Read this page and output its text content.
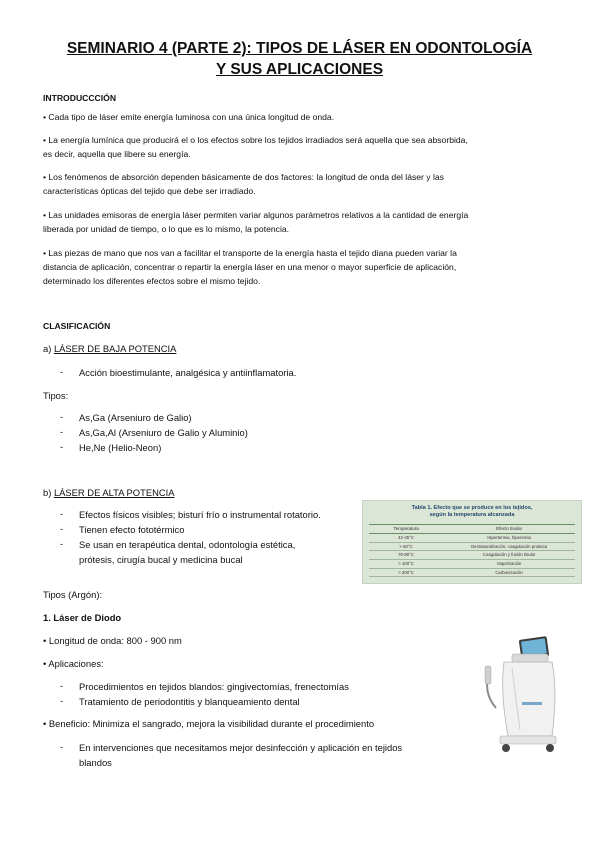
SEMINARIO 4 (PARTE 2): TIPOS DE LÁSER EN ODONTOLOGÍA
Y SUS APLICACIONES
INTRODUCCCIÓN
• Cada tipo de láser emite energía luminosa con una única longitud de onda.
• La energía lumínica que producirá el o los efectos sobre los tejidos irradiados será aquella que sea absorbida,
es decir, aquella que libere su energía.
• Los fenómenos de absorción dependen básicamente de dos factores: la longitud de onda del láser y las
características ópticas del tejido que debe ser irradiado.
• Las unidades emisoras de energía láser permiten variar algunos parámetros relativos a la cantidad de energía
liberada por unidad de tiempo, o lo que es lo mismo, la potencia.
• Las piezas de mano que nos van a facilitar el transporte de la energía hasta el tejido diana pueden variar la
distancia de aplicación, concentrar o repartir la energía láser en una menor o mayor superficie de aplicación,
determinado los diferentes efectos sobre el mismo tejido.
CLASIFICACIÓN
a) LÁSER DE BAJA POTENCIA
- Acción bioestimulante, analgésica y antiinflamatoria.
Tipos:
- As,Ga (Arseniuro de Galio)
- As,Ga,Al (Arseniuro de Galio y Aluminio)
- He,Ne (Helio-Neon)
b) LÁSER DE ALTA POTENCIA
- Efectos físicos visibles; bisturí frío o instrumental rotatorio.
- Tienen efecto fototérmico
- Se usan en terapéutica dental, odontología estética,
prótesis, cirugía bucal y medicina bucal
Tabla 1. Efecto que se produce en los tejidos,
según la temperatura alcanzada
Temperatura	Efecto tisular
42-45°C	Hipertermia, hiperemia
> 60°C	Desnaturalización, coagulación proteica
70-90°C	Coagulación y fusión tisular
> 100°C	Vaporización
> 200°C	Carbonización
Tipos (Argón):
1. Láser de Diodo
• Longitud de onda: 800 - 900 nm
• Aplicaciones:
- Procedimientos en tejidos blandos: gingivectomías, frenectomías
- Tratamiento de periodontitis y blanqueamiento dental
• Beneficio: Minimiza el sangrado, mejora la visibilidad durante el procedimiento
- En intervenciones que necesitamos mejor desinfección y aplicación en tejidos
blandos
